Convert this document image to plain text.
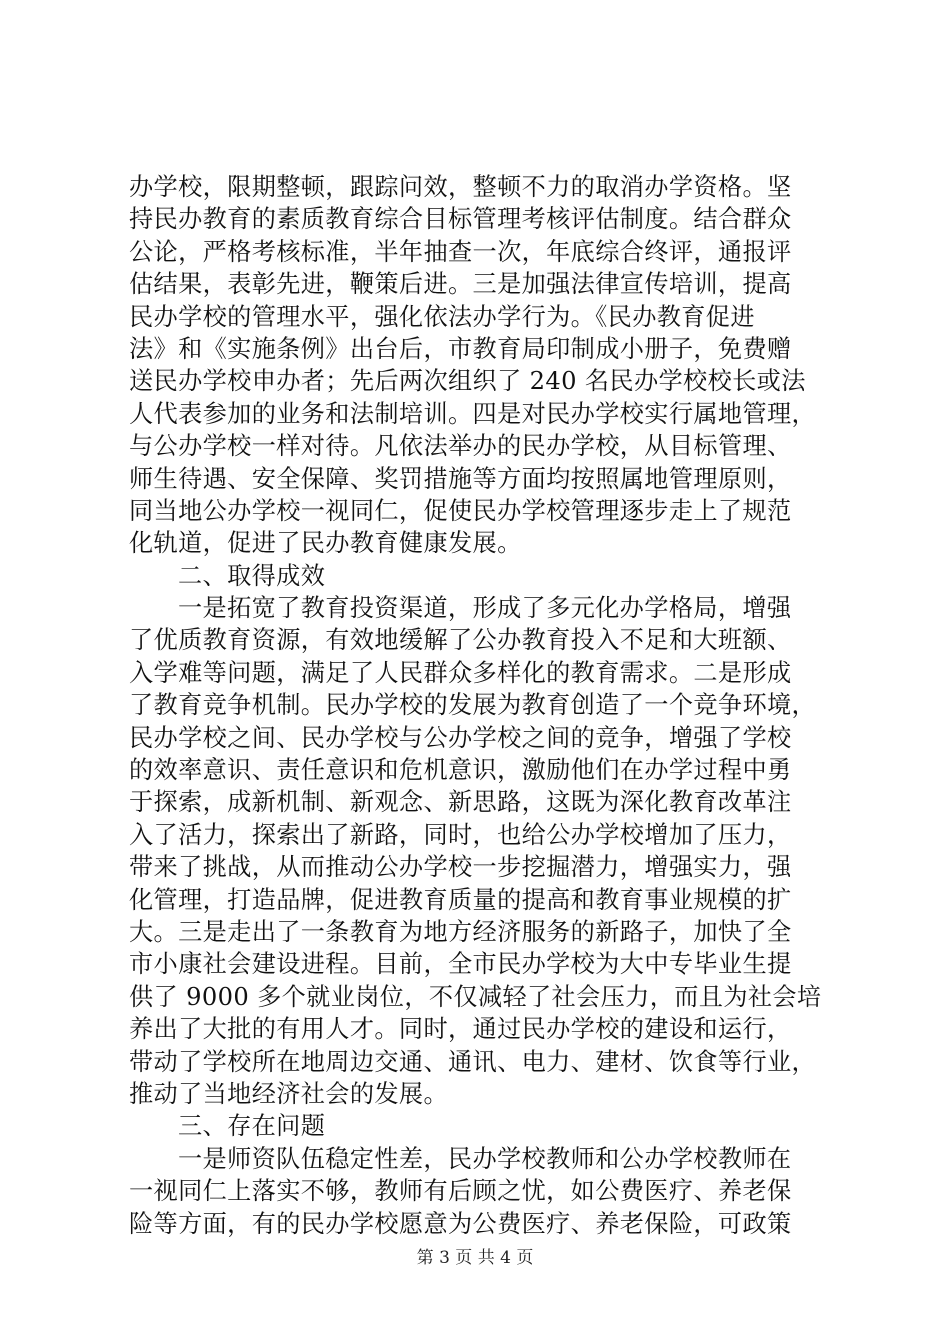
办学校，限期整顿，跟踪问效，整顿不力的取消办学资格。坚
持民办教育的素质教育综合目标管理考核评估制度。结合群众
公论，严格考核标准，半年抽查一次，年底综合终评，通报评
估结果，表彰先进，鞭策后进。三是加强法律宣传培训，提高
民办学校的管理水平，强化依法办学行为。《民办教育促进
法》和《实施条例》出台后，市教育局印制成小册子，免费赠
送民办学校申办者；先后两次组织了 240 名民办学校校长或法
人代表参加的业务和法制培训。四是对民办学校实行属地管理，
与公办学校一样对待。凡依法举办的民办学校，从目标管理、
师生待遇、安全保障、奖罚措施等方面均按照属地管理原则，
同当地公办学校一视同仁，促使民办学校管理逐步走上了规范
化轨道，促进了民办教育健康发展。
二、取得成效
一是拓宽了教育投资渠道，形成了多元化办学格局，增强
了优质教育资源，有效地缓解了公办教育投入不足和大班额、
入学难等问题，满足了人民群众多样化的教育需求。二是形成
了教育竞争机制。民办学校的发展为教育创造了一个竞争环境，
民办学校之间、民办学校与公办学校之间的竞争，增强了学校
的效率意识、责任意识和危机意识，激励他们在办学过程中勇
于探索，成新机制、新观念、新思路，这既为深化教育改革注
入了活力，探索出了新路，同时，也给公办学校增加了压力，
带来了挑战，从而推动公办学校一步挖掘潜力，增强实力，强
化管理，打造品牌，促进教育质量的提高和教育事业规模的扩
大。三是走出了一条教育为地方经济服务的新路子，加快了全
市小康社会建设进程。目前，全市民办学校为大中专毕业生提
供了 9000 多个就业岗位，不仅减轻了社会压力，而且为社会培
养出了大批的有用人才。同时，通过民办学校的建设和运行，
带动了学校所在地周边交通、通讯、电力、建材、饮食等行业，
推动了当地经济社会的发展。
三、存在问题
一是师资队伍稳定性差，民办学校教师和公办学校教师在
一视同仁上落实不够，教师有后顾之忧，如公费医疗、养老保
险等方面，有的民办学校愿意为公费医疗、养老保险，可政策
第 3 页 共 4 页
